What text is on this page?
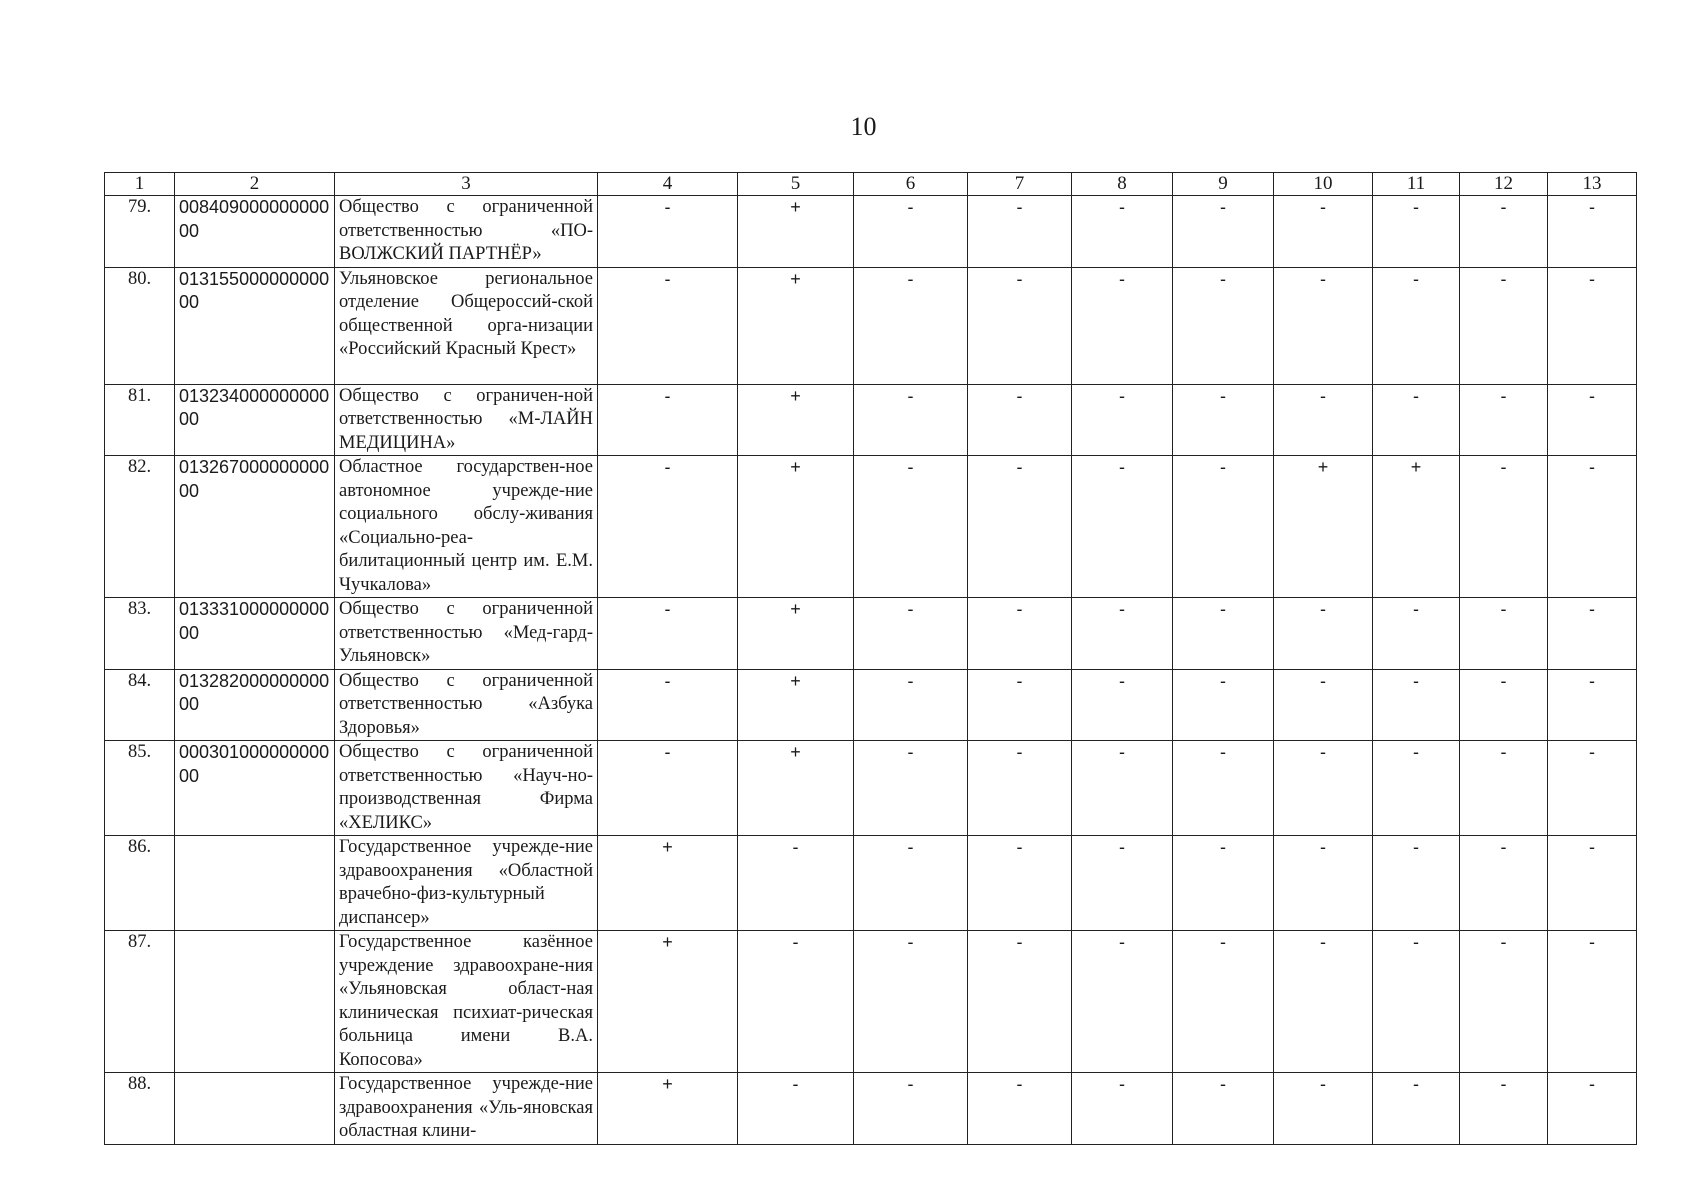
10
1	2	3	4	5	6	7	8	9	10	11	12	13
79.	00840900000000000	Общество с ограниченной ответственностью «ПО-ВОЛЖСКИЙ ПАРТНЁР»	-	+	-	-	-	-	-	-	-	-
80.	01315500000000000	Ульяновское региональное отделение Общероссий-ской общественной орга-низации «Российский Красный Крест»	-	+	-	-	-	-	-	-	-	-
81.	01323400000000000	Общество с ограничен-ной ответственностью «М-ЛАЙН МЕДИЦИНА»	-	+	-	-	-	-	-	-	-	-
82.	01326700000000000	Областное государствен-ное автономное учрежде-ние социального обслу-живания «Социально-реа-билитационный центр им. Е.М. Чучкалова»	-	+	-	-	-	-	+	+	-	-
83.	01333100000000000	Общество с ограниченной ответственностью «Мед-гард-Ульяновск»	-	+	-	-	-	-	-	-	-	-
84.	01328200000000000	Общество с ограниченной ответственностью «Азбука Здоровья»	-	+	-	-	-	-	-	-	-	-
85.	00030100000000000	Общество с ограниченной ответственностью «Науч-но-производственная Фирма «ХЕЛИКС»	-	+	-	-	-	-	-	-	-	-
86.		Государственное учрежде-ние здравоохранения «Областной врачебно-физ-культурный диспансер»	+	-	-	-	-	-	-	-	-	-
87.		Государственное казённое учреждение здравоохране-ния «Ульяновская област-ная клиническая психиат-рическая больница имени В.А. Копосова»	+	-	-	-	-	-	-	-	-	-
88.		Государственное учрежде-ние здравоохранения «Уль-яновская областная клини-	+	-	-	-	-	-	-	-	-	-
